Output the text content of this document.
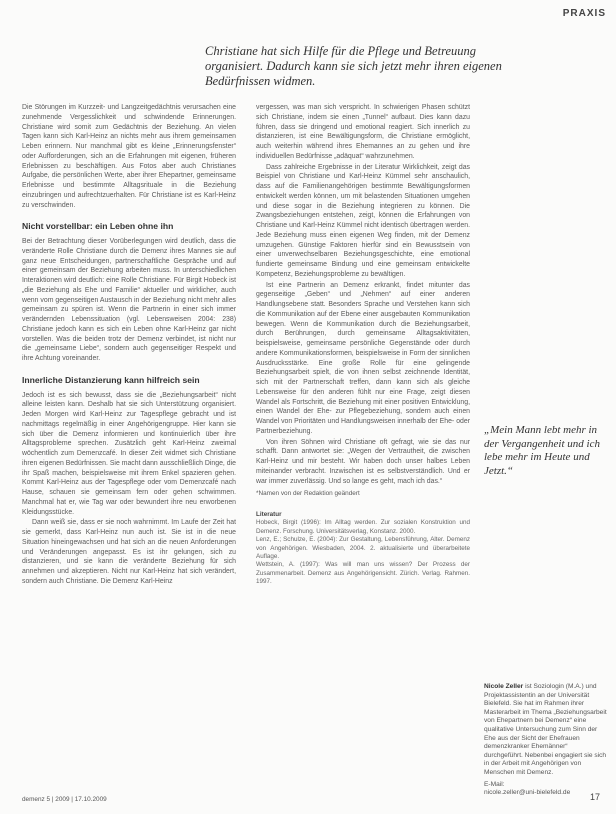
PRAXIS
Christiane hat sich Hilfe für die Pflege und Betreuung organisiert. Dadurch kann sie sich jetzt mehr ihren eigenen Bedürfnissen widmen.

Die Störungen im Kurzzeit- und Langzeitgedächtnis verursachen eine zunehmende Vergesslichkeit und schwindende Erinnerungen. Christiane wird somit zum Gedächtnis der Beziehung. An vielen Tagen kann sich Karl-Heinz an nichts mehr aus ihrem gemeinsamen Leben erinnern. Nur manchmal gibt es kleine „Erinnerungsfenster“ oder Aufforderungen, sich an die Erfahrungen mit eigenen, früheren Erlebnissen zu beschäftigen. Aus Fotos aber auch Christianes Aufgabe, die persönlichen Werte, aber ihrer Ehepartner, gemeinsame Erlebnisse und bestimmte Alltagsrituale in die Beziehung einzubringen und aufrechtzuerhalten. Für Christiane ist es Karl-Heinz zu verschwinden.

Nicht vorstellbar: ein Leben ohne ihn

Bei der Betrachtung dieser Vorüberlegungen wird deutlich, dass die veränderte Rolle Christiane durch die Demenz ihres Mannes sie auf ganz neue Entscheidungen, partnerschaftliche Gespräche und auf einer gemeinsam der Beziehung arbeiten muss. In unterschiedlichen Interaktionen wird deutlich: eine Rolle Christiane. Für Birgit Hobeck ist „die Beziehung als Ehe und Familie“ aktueller und wirklicher, auch wenn vom gegenseitigen Austausch in der Beziehung nicht mehr alles gemeinsam zu spüren ist. Wenn die Partnerin in einer sich immer verändernden Lebenssituation (vgl. Lebensweisen 2004: 238) Christiane jedoch kann es sich ein Leben ohne Karl-Heinz gar nicht vorstellen. Was die beiden trotz der Demenz verbindet, ist nicht nur die „gemeinsame Liebe“, sondern auch gegenseitiger Respekt und ihre Achtung voreinander.

Innerliche Distanzierung kann hilfreich sein

Jedoch ist es sich bewusst, dass sie die „Beziehungsarbeit“ nicht alleine leisten kann. Deshalb hat sie sich Unterstützung organisiert. Jeden Morgen wird Karl-Heinz zur Tagespflege gebracht und ist nachmittags regelmäßig in einer Angehörigengruppe. Hier kann sie sich über die Demenz informieren und kontinuierlich über ihre Alltagsprobleme sprechen. Zusätzlich geht Karl-Heinz zweimal wöchentlich zum Demenzcafé. In dieser Zeit widmet sich Christiane ihren eigenen Bedürfnissen. Sie macht dann ausschließlich Dinge, die ihr Spaß machen, beispielsweise mit ihrem Enkel spazieren gehen. Kommt Karl-Heinz aus der Tagespflege oder vom Demenzcafé nach Hause, schauen sie gemeinsam fern oder gehen schwimmen. Manchmal hat er, wie Tag war oder bewundert ihre neu erworbenen Kleidungsstücke.

Dann weiß sie, dass er sie noch wahrnimmt. Im Laufe der Zeit hat sie gemerkt, dass Karl-Heinz nun auch ist. Sie ist in die neue Situation hineingewachsen und hat sich an die neuen Anforderungen und Veränderungen angepasst. Es ist ihr gelungen, sich zu distanzieren, und sie kann die veränderte Beziehung für sich annehmen und akzeptieren. Nicht nur Karl-Heinz hat sich verändert, sondern auch Christiane. Die Demenz Karl-Heinz

vergessen, was man sich verspricht. In schwierigen Phasen schützt sich Christiane, indem sie einen „Tunnel“ aufbaut. Dies kann dazu führen, dass sie dringend und emotional reagiert. Sich innerlich zu distanzieren, ist eine Bewältigungsform, die Christiane ermöglicht, auch weiterhin während ihres Ehemannes an zu gehen und ihre individuellen Bedürfnisse „adäquat“ wahrzunehmen.

Dass zahlreiche Ergebnisse in der Literatur Wirklichkeit, zeigt das Beispiel von Christiane und Karl-Heinz Kümmel sehr anschaulich, dass auf die Familienangehörigen bestimmte Bewältigungsformen entwickelt werden können, um mit belastenden Situationen umgehen und diese sogar in die Beziehung integrieren zu können. Die Zwangsbeziehungen entstehen, zeigt, können die Erfahrungen von Christiane und Karl-Heinz Kümmel nicht identisch übertragen werden. Jede Beziehung muss einen eigenen Weg finden, mit der Demenz umzugehen. Günstige Faktoren hierfür sind ein Bewusstsein von einer unverwechselbaren Beziehungsgeschichte, eine emotional fundierte gemeinsame Bindung und eine gemeinsam entwickelte Kompetenz, Beziehungsprobleme zu bewältigen.

Ist eine Partnerin an Demenz erkrankt, findet mitunter das gegenseitige „Geben“ und „Nehmen“ auf einer anderen Handlungsebene statt. Besonders Sprache und Verstehen kann sich die Kommunikation auf der Ebene einer ausgebauten Kommunikation bewegen. Wenn die Kommunikation durch die Beziehungsarbeit, durch Berührungen, durch gemeinsame Alltagsaktivitäten, beispielsweise, gemeinsame persönliche Gegenstände oder durch andere Kommunikationsformen, beispielsweise in Form der sinnlichen Ausdrucksstärke. Eine große Rolle für eine gelingende Beziehungsarbeit spielt, die von ihnen selbst zeichnende Identität, sich mit der Partnerschaft treffen, dann kann sich als gleiche Lebensweise für den anderen fühlt nur eine Frage, zeigt diesen Wandel als Fortschritt, die Beziehung mit einer positiven Entwicklung, einen Wandel der Ehe- zur Pflegebeziehung, sondern auch einen Wandel von Prioritäten und Handlungsweisen innerhalb der Ehe- oder Partnerbeziehung.

Von ihren Söhnen wird Christiane oft gefragt, wie sie das nur schafft. Dann antwortet sie: „Wegen der Vertrautheit, die zwischen Karl-Heinz und mir besteht. Wir haben doch unser halbes Leben miteinander verbracht. Inzwischen ist es selbstverständlich. Und er war immer zuverlässig. Und so lange es geht, mach ich das.“

*Namen von der Redaktion geändert

Literatur
Hobeck, Birgit (1996): Im Alltag werden. Zur sozialen Konstruktion und Demenz. Forschung. Universitätsverlag, Konstanz. 2000.
Lenz, E.; Schulze, E. (2004): Zur Gestaltung, Lebensführung, Alter. Demenz von Angehörigen. Wiesbaden, 2004. 2. aktualisierte und überarbeitete Auflage.
Wettstein, A. (1997): Was will man uns wissen? Der Prozess der Zusammenarbeit. Demenz aus Angehörigensicht. Zürich. Verlag. Rahmen. 1997.
„Mein Mann lebt mehr in der Vergangenheit und ich lebe mehr im Heute und Jetzt.“
Nicole Zeller ist Soziologin (M.A.) und Projektassistentin an der Universität Bielefeld. Sie hat im Rahmen ihrer Masterarbeit im Thema „Beziehungsarbeit von Ehepartnern bei Demenz“ eine qualitative Untersuchung zum Sinn der Ehe aus der Sicht der Ehefrauen demenzkranker Ehemänner“ durchgeführt. Nebenbei engagiert sie sich in der Arbeit mit Angehörigen von Menschen mit Demenz.
E-Mail:
nicole.zeller@uni-bielefeld.de
demenz 5 | 2009 | 17.10.2009	17
